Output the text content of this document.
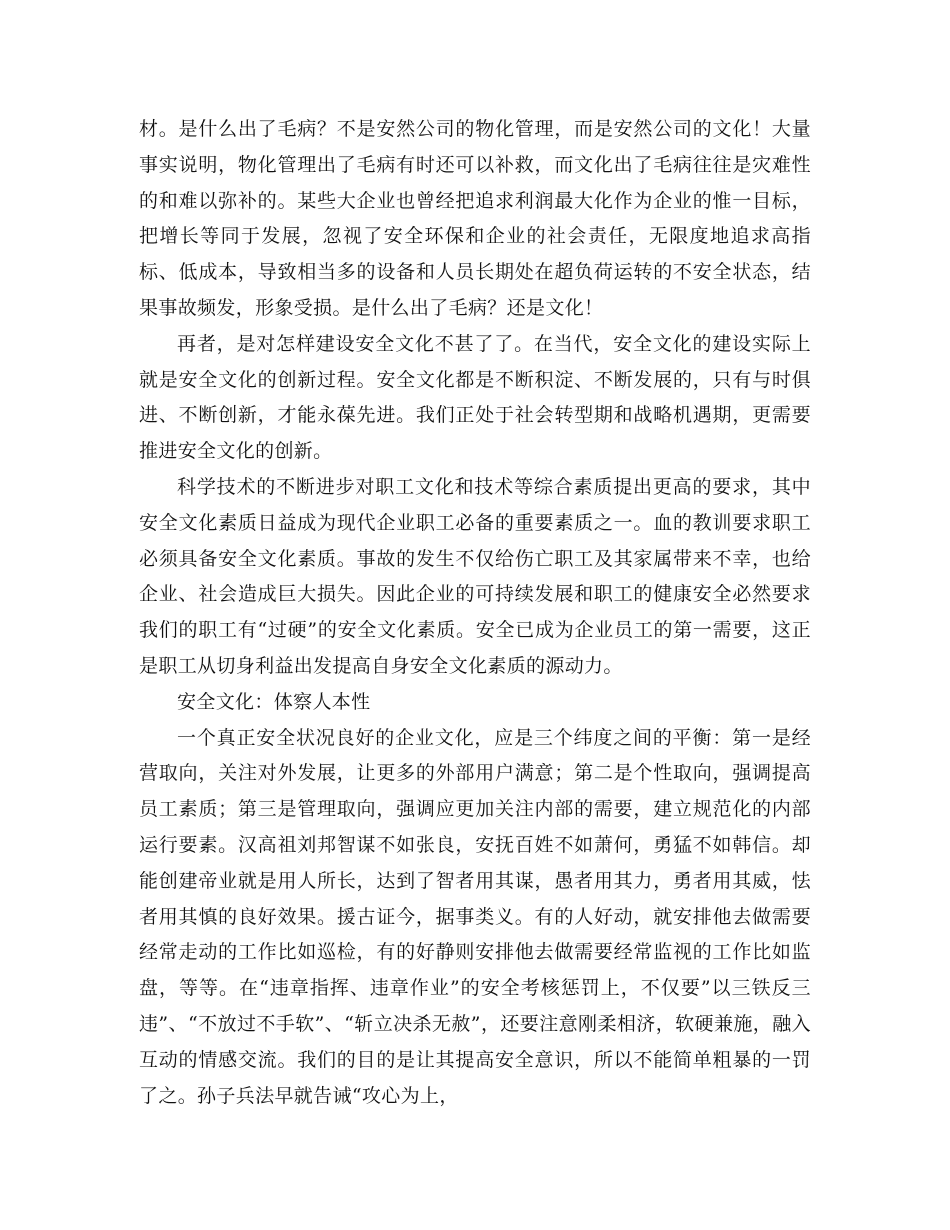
材。是什么出了毛病？不是安然公司的物化管理，而是安然公司的文化！大量事实说明，物化管理出了毛病有时还可以补救，而文化出了毛病往往是灾难性的和难以弥补的。某些大企业也曾经把追求利润最大化作为企业的惟一目标，把增长等同于发展，忽视了安全环保和企业的社会责任，无限度地追求高指标、低成本，导致相当多的设备和人员长期处在超负荷运转的不安全状态，结果事故频发，形象受损。是什么出了毛病？还是文化！

再者，是对怎样建设安全文化不甚了了。在当代，安全文化的建设实际上就是安全文化的创新过程。安全文化都是不断积淀、不断发展的，只有与时俱进、不断创新，才能永葆先进。我们正处于社会转型期和战略机遇期，更需要推进安全文化的创新。

科学技术的不断进步对职工文化和技术等综合素质提出更高的要求，其中安全文化素质日益成为现代企业职工必备的重要素质之一。血的教训要求职工必须具备安全文化素质。事故的发生不仅给伤亡职工及其家属带来不幸，也给企业、社会造成巨大损失。因此企业的可持续发展和职工的健康安全必然要求我们的职工有“过硬”的安全文化素质。安全已成为企业员工的第一需要，这正是职工从切身利益出发提高自身安全文化素质的源动力。

安全文化：体察人本性

一个真正安全状况良好的企业文化，应是三个纬度之间的平衡：第一是经营取向，关注对外发展，让更多的外部用户满意；第二是个性取向，强调提高员工素质；第三是管理取向，强调应更加关注内部的需要，建立规范化的内部运行要素。汉高祖刘邦智谋不如张良，安抚百姓不如萧何，勇猛不如韩信。却能创建帝业就是用人所长，达到了智者用其谋，愚者用其力，勇者用其威，怯者用其慎的良好效果。援古证今，据事类义。有的人好动，就安排他去做需要经常走动的工作比如巡检，有的好静则安排他去做需要经常监视的工作比如监盘，等等。在“违章指挥、违章作业”的安全考核惩罚上，不仅要”以三铁反三违”、“不放过不手软”、“斩立决杀无赦”，还要注意刚柔相济，软硬兼施，融入互动的情感交流。我们的目的是让其提高安全意识，所以不能简单粗暴的一罚了之。孙子兵法早就告诫“攻心为上，
